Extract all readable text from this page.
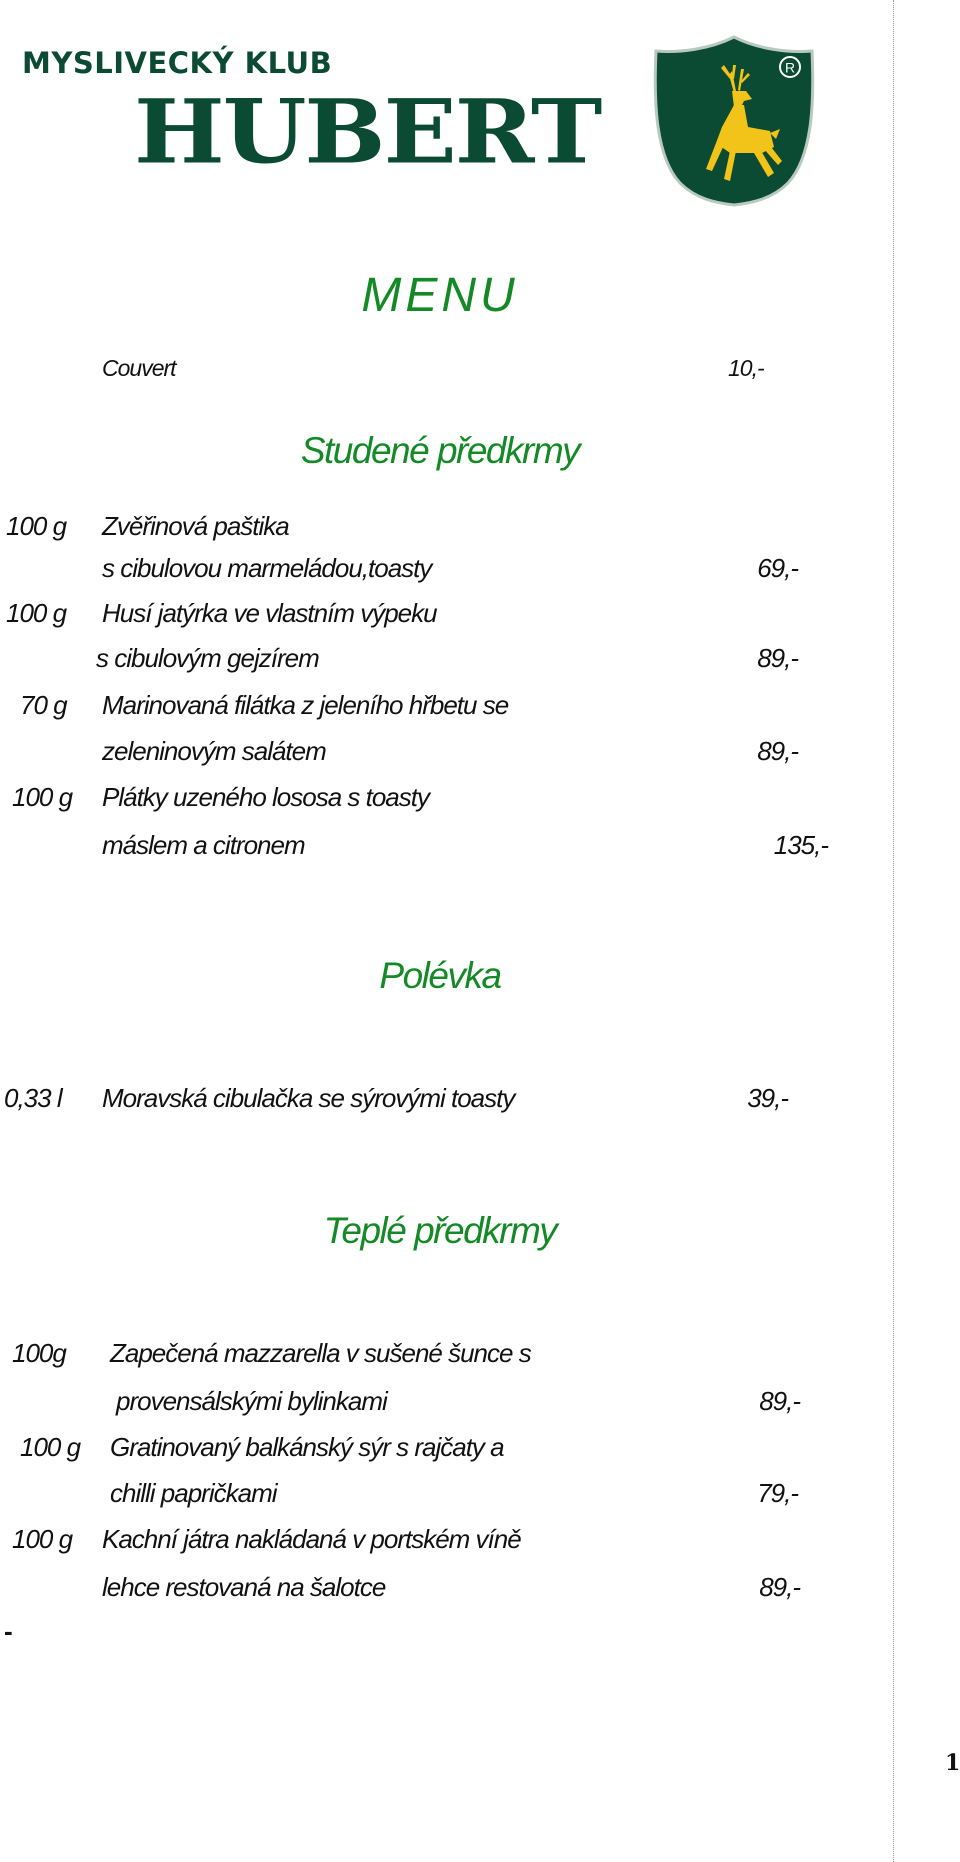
MYSLIVECKÝ KLUB
HUBERT
R
MENU
Couvert	10,-
Studené předkrmy
100 g Zvěřinová paštika
s cibulovou marmeládou,toasty	69,-
100 g Husí jatýrka ve vlastním výpeku
s cibulovým gejzírem	89,-
70 g Marinovaná filátka z jeleního hřbetu se
zeleninovým salátem	89,-
100 g Plátky uzeného lososa s toasty
máslem a citronem	135,-
Polévka
0,33 l Moravská cibulačka se sýrovými toasty	39,-
Teplé předkrmy
100g Zapečená mazzarella v sušené šunce s
provensálskými bylinkami	89,-
100 g Gratinovaný balkánský sýr s rajčaty a
chilli papričkami	79,-
100 g Kachní játra nakládaná v portském víně
lehce restovaná na šalotce	89,-
-
1
